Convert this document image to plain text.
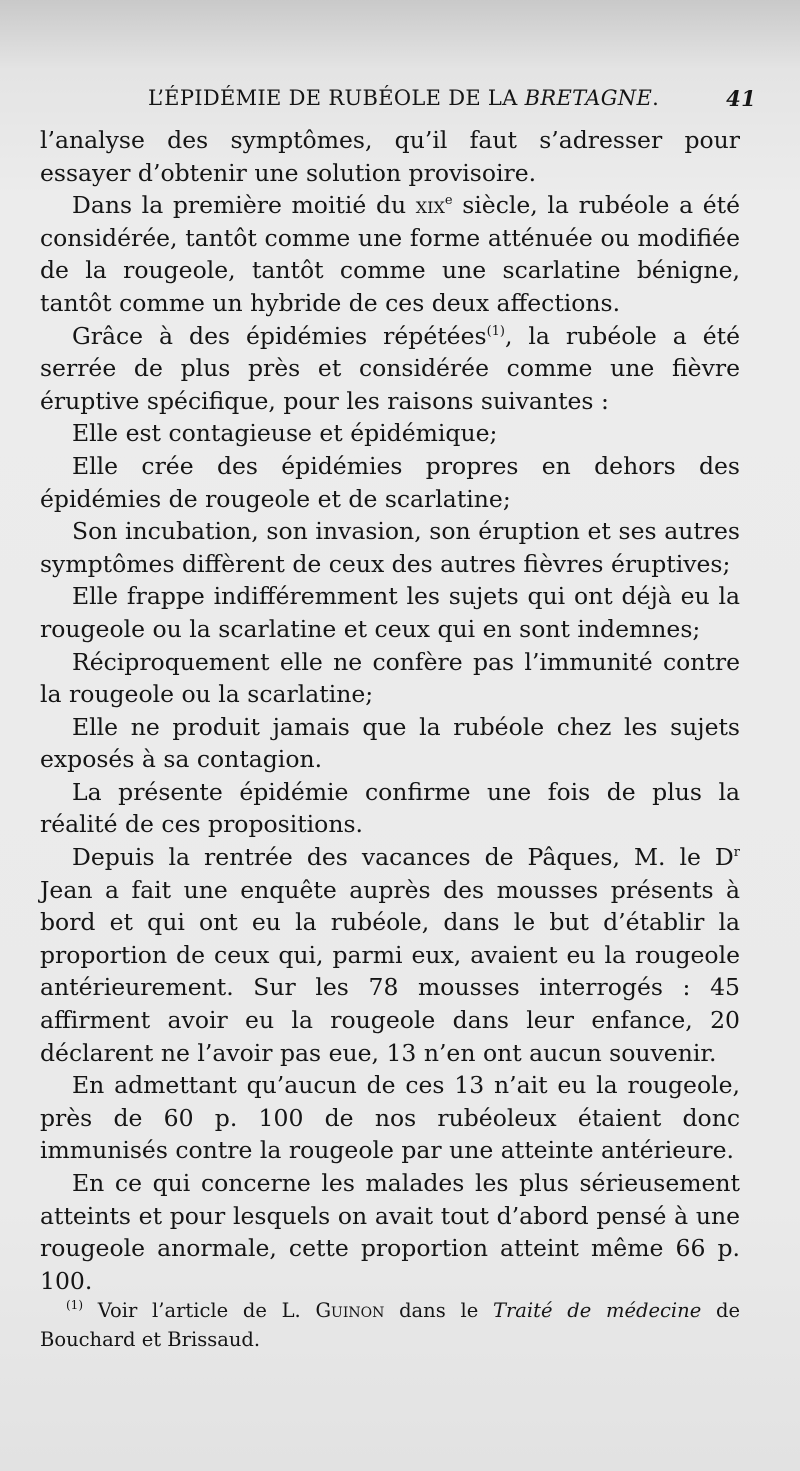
L’ÉPIDÉMIE DE RUBÉOLE DE LA BRETAGNE.	41

l’analyse des symptômes, qu’il faut s’adresser pour essayer d’obtenir une solution provisoire.

Dans la première moitié du xix$^e$ siècle, la rubéole a été considérée, tantôt comme une forme atténuée ou modifiée de la rougeole, tantôt comme une scarlatine bénigne, tantôt comme un hybride de ces deux affections.

Grâce à des épidémies répétées$^{(1)}$, la rubéole a été serrée de plus près et considérée comme une fièvre éruptive spécifique, pour les raisons suivantes :

Elle est contagieuse et épidémique;

Elle crée des épidémies propres en dehors des épidémies de rougeole et de scarlatine;

Son incubation, son invasion, son éruption et ses autres symptômes diffèrent de ceux des autres fièvres éruptives;

Elle frappe indifféremment les sujets qui ont déjà eu la rougeole ou la scarlatine et ceux qui en sont indemnes;

Réciproquement elle ne confère pas l’immunité contre la rougeole ou la scarlatine;

Elle ne produit jamais que la rubéole chez les sujets exposés à sa contagion.

La présente épidémie confirme une fois de plus la réalité de ces propositions.

Depuis la rentrée des vacances de Pâques, M. le $D^r$ Jean a fait une enquête auprès des mousses présents à bord et qui ont eu la rubéole, dans le but d’établir la proportion de ceux qui, parmi eux, avaient eu la rougeole antérieurement. Sur les 78 mousses interrogés : 45 affirment avoir eu la rougeole dans leur enfance, 20 déclarent ne l’avoir pas eue, 13 n’en ont aucun souvenir.

En admettant qu’aucun de ces 13 n’ait eu la rougeole, près de 60 p. 100 de nos rubéoleux étaient donc immunisés contre la rougeole par une atteinte antérieure.

En ce qui concerne les malades les plus sérieusement atteints et pour lesquels on avait tout d’abord pensé à une rougeole anormale, cette proportion atteint même 66 p. 100.

$^{(1)}$ Voir l’article de L. Guinon dans le Traité de médecine de Bouchard et Brissaud.
